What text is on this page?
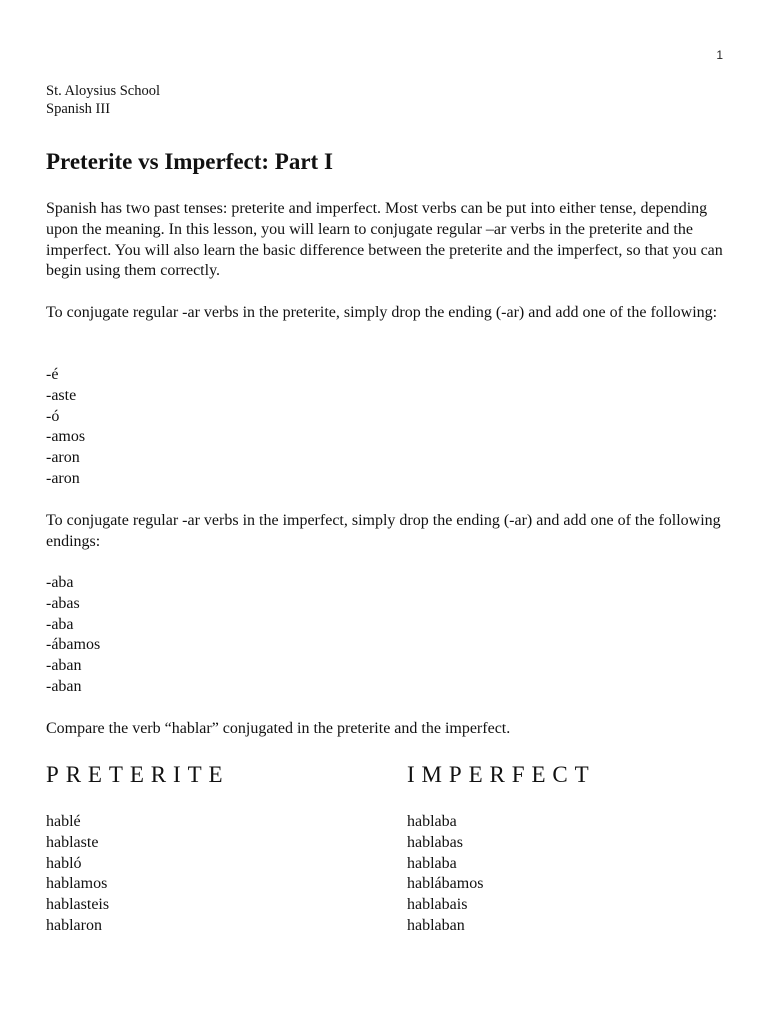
1
St. Aloysius School
Spanish III
Preterite vs Imperfect: Part I
Spanish has two past tenses: preterite and imperfect. Most verbs can be put into either tense, depending upon the meaning. In this lesson, you will learn to conjugate regular –ar verbs in the preterite and the imperfect. You will also learn the basic difference between the preterite and the imperfect, so that you can begin using them correctly.
To conjugate regular -ar verbs in the preterite, simply drop the ending (-ar) and add one of the following:
-é
-aste
-ó
-amos
-aron
-aron
To conjugate regular -ar verbs in the imperfect, simply drop the ending (-ar) and add one of the following endings:
-aba
-abas
-aba
-ábamos
-aban
-aban
Compare the verb “hablar” conjugated in the preterite and the imperfect.
PRETERITE	IMPERFECT
hablé
hablaste
habló
hablamos
hablasteis
hablaron
hablaba
hablabas
hablaba
hablábamos
hablabais
hablaban
